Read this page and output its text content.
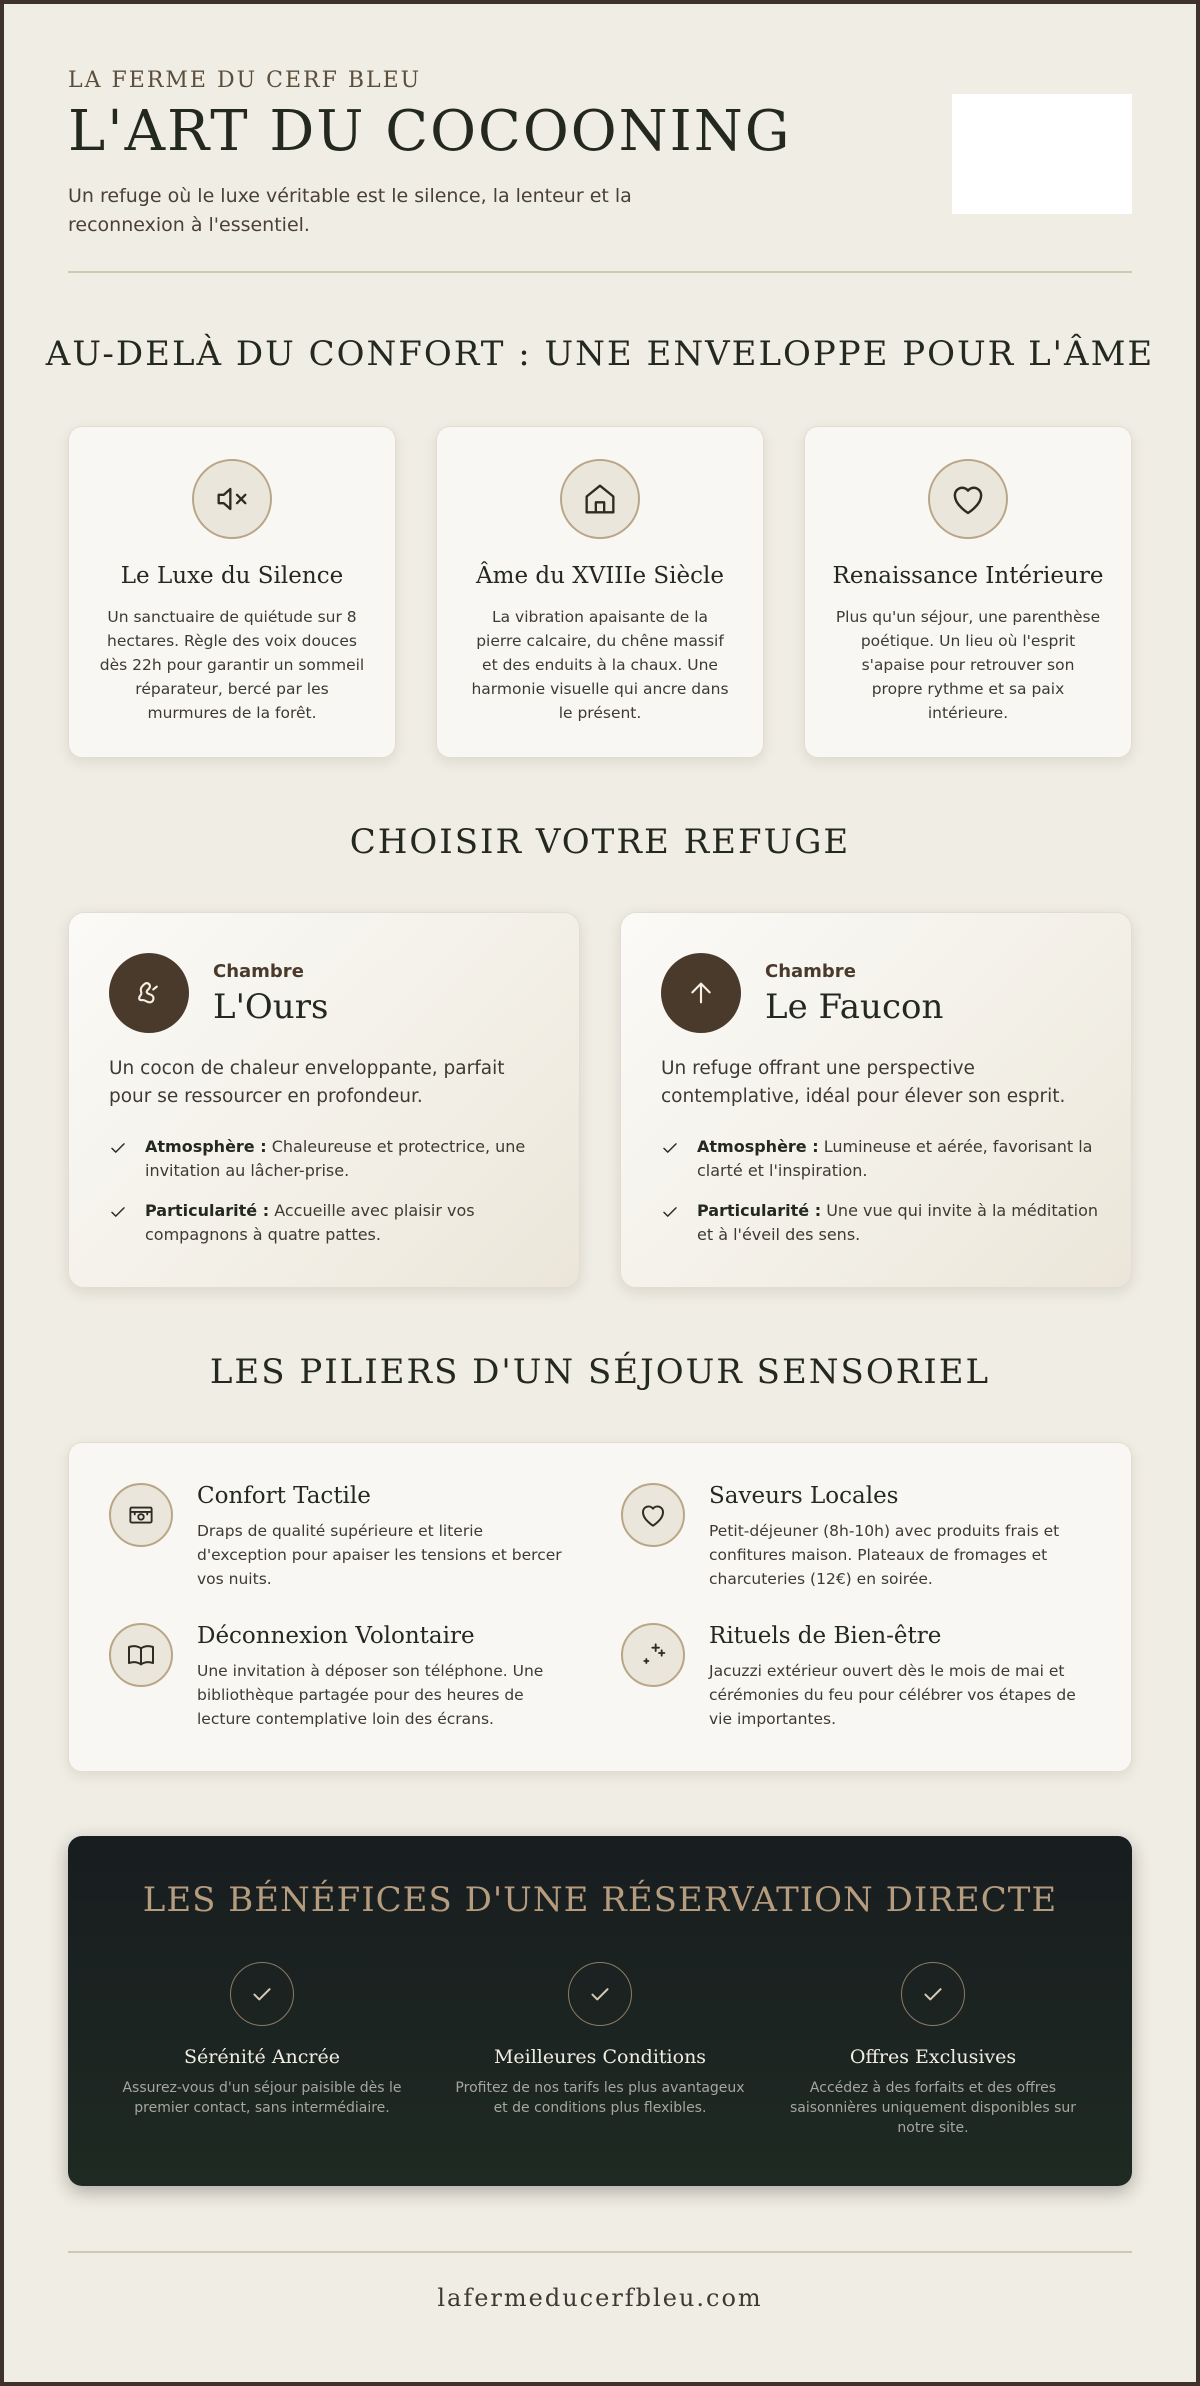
LA FERME DU CERF BLEU
L'ART DU COCOONING
Un refuge où le luxe véritable est le silence, la lenteur et la reconnexion à l'essentiel.
AU-DELÀ DU CONFORT : UNE ENVELOPPE POUR L'ÂME
Le Luxe du Silence

Un sanctuaire de quiétude sur 8 hectares. Règle des voix douces dès 22h pour garantir un sommeil réparateur, bercé par les murmures de la forêt.

Âme du XVIIIe Siècle

La vibration apaisante de la pierre calcaire, du chêne massif et des enduits à la chaux. Une harmonie visuelle qui ancre dans le présent.

Renaissance Intérieure

Plus qu'un séjour, une parenthèse poétique. Un lieu où l'esprit s'apaise pour retrouver son propre rythme et sa paix intérieure.

CHOISIR VOTRE REFUGE
Chambre
L'Ours
Un cocon de chaleur enveloppante, parfait pour se ressourcer en profondeur.
Atmosphère : Chaleureuse et protectrice, une invitation au lâcher-prise.
Particularité : Accueille avec plaisir vos compagnons à quatre pattes.
Chambre
Le Faucon
Un refuge offrant une perspective contemplative, idéal pour élever son esprit.
Atmosphère : Lumineuse et aérée, favorisant la clarté et l'inspiration.
Particularité : Une vue qui invite à la méditation et à l'éveil des sens.
LES PILIERS D'UN SÉJOUR SENSORIEL
Confort Tactile

Draps de qualité supérieure et literie d'exception pour apaiser les tensions et bercer vos nuits.

Saveurs Locales

Petit-déjeuner (8h-10h) avec produits frais et confitures maison. Plateaux de fromages et charcuteries (12€) en soirée.

Déconnexion Volontaire

Une invitation à déposer son téléphone. Une bibliothèque partagée pour des heures de lecture contemplative loin des écrans.

Rituels de Bien-être

Jacuzzi extérieur ouvert dès le mois de mai et cérémonies du feu pour célébrer vos étapes de vie importantes.

LES BÉNÉFICES D'UNE RÉSERVATION DIRECTE
Sérénité Ancrée

Assurez-vous d'un séjour paisible dès le premier contact, sans intermédiaire.

Meilleures Conditions

Profitez de nos tarifs les plus avantageux et de conditions plus flexibles.

Offres Exclusives

Accédez à des forfaits et des offres saisonnières uniquement disponibles sur notre site.

lafermeducerfbleu.com
